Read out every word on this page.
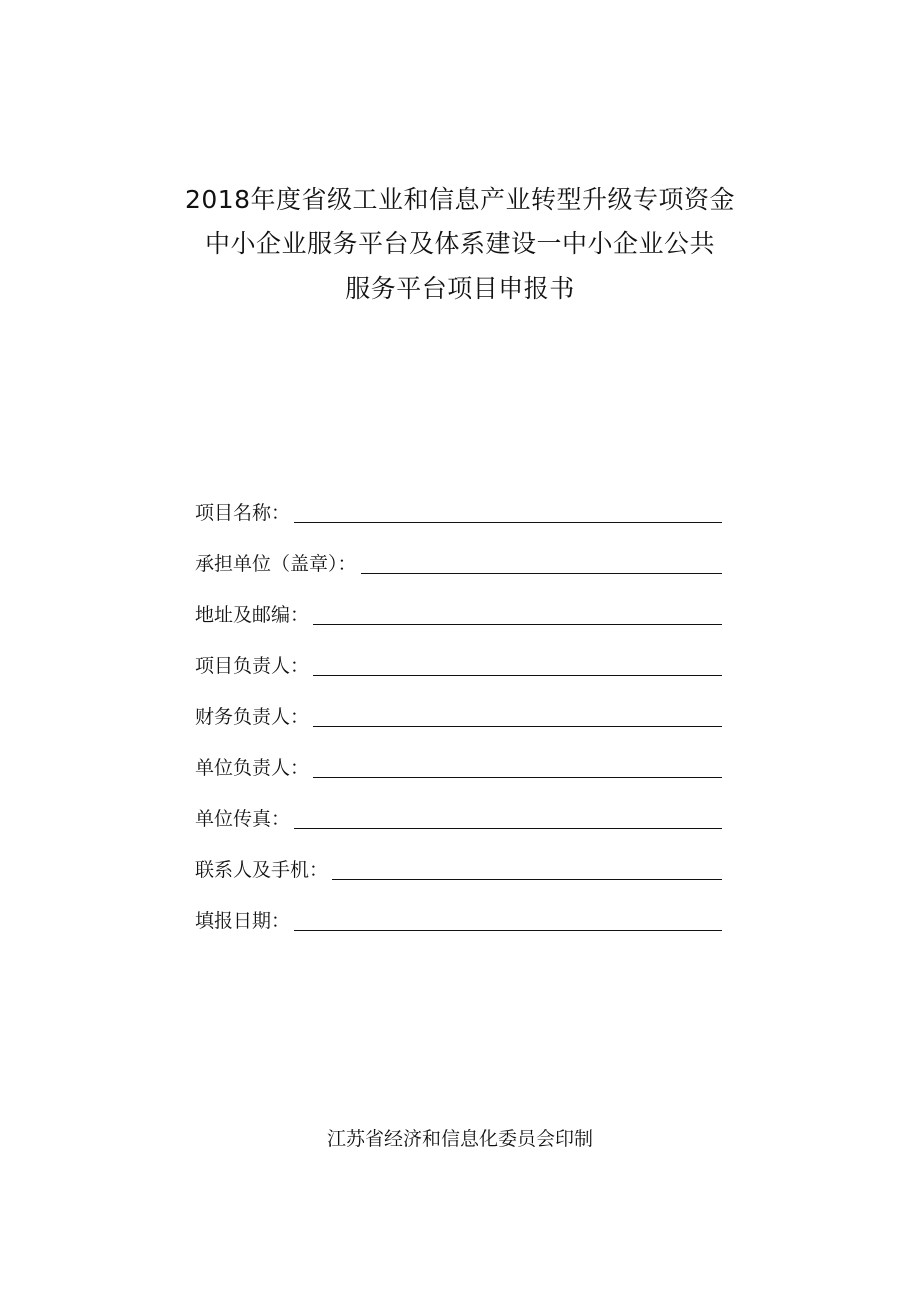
2018年度省级工业和信息产业转型升级专项资金
中小企业服务平台及体系建设一中小企业公共
服务平台项目申报书
项目名称：
承担单位（盖章）：
地址及邮编：
项目负责人：
财务负责人：
单位负责人：
单位传真：
联系人及手机：
填报日期：
江苏省经济和信息化委员会印制
